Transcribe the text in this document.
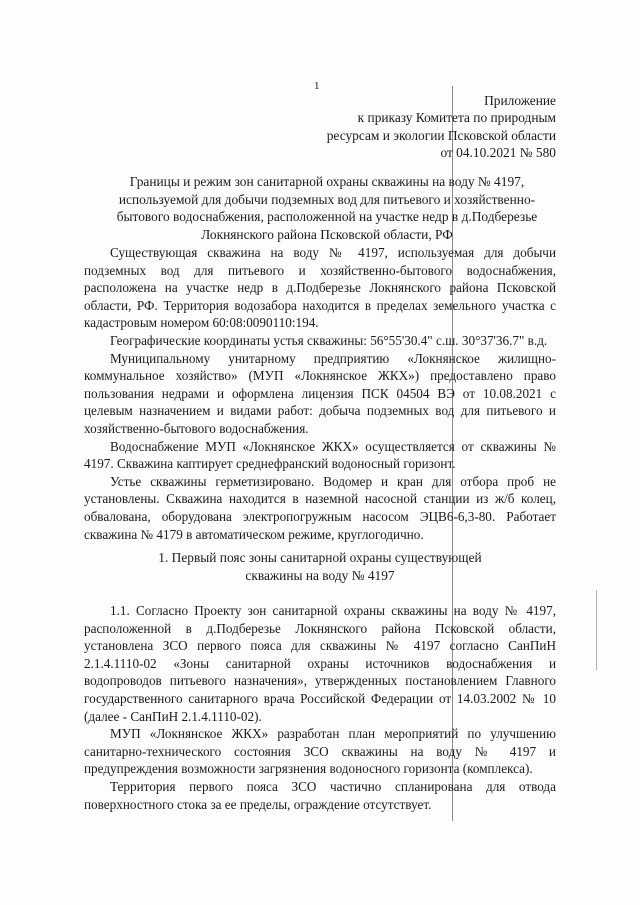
1
Приложение
к приказу Комитета по природным
ресурсам и экологии Псковской области
от 04.10.2021 № 580
Границы и режим зон санитарной охраны скважины на воду № 4197,
используемой для добычи подземных вод для питьевого и хозяйственно-
бытового водоснабжения, расположенной на участке недр в д.Подберезье
Локнянского района Псковской области, РФ

Существующая скважина на воду № 4197, используемая для добычи подземных вод для питьевого и хозяйственно-бытового водоснабжения, расположена на участке недр в д.Подберезье Локнянского района Псковской области, РФ. Территория водозабора находится в пределах земельного участка с кадастровым номером 60:08:0090110:194.

Географические координаты устья скважины: 56°55'30.4" с.ш. 30°37'36.7" в.д.

Муниципальному унитарному предприятию «Локнянское жилищно-коммунальное хозяйство» (МУП «Локнянское ЖКХ») предоставлено право пользования недрами и оформлена лицензия ПСК 04504 ВЭ от 10.08.2021 с целевым назначением и видами работ: добыча подземных вод для питьевого и хозяйственно-бытового водоснабжения.

Водоснабжение МУП «Локнянское ЖКХ» осуществляется от скважины № 4197. Скважина каптирует среднефранский водоносный горизонт.

Устье скважины герметизировано. Водомер и кран для отбора проб не установлены. Скважина находится в наземной насосной станции из ж/б колец, обвалована, оборудована электропогружным насосом ЭЦВ6-6,3-80. Работает скважина № 4179 в автоматическом режиме, круглогодично.

1. Первый пояс зоны санитарной охраны существующей
скважины на воду № 4197

1.1. Согласно Проекту зон санитарной охраны скважины на воду № 4197, расположенной в д.Подберезье Локнянского района Псковской области, установлена ЗСО первого пояса для скважины № 4197 согласно СанПиН 2.1.4.1110-02 «Зоны санитарной охраны источников водоснабжения и водопроводов питьевого назначения», утвержденных постановлением Главного государственного санитарного врача Российской Федерации от 14.03.2002 № 10 (далее - СанПиН 2.1.4.1110-02).

МУП «Локнянское ЖКХ» разработан план мероприятий по улучшению санитарно-технического состояния ЗСО скважины на воду № 4197 и предупреждения возможности загрязнения водоносного горизонта (комплекса).

Территория первого пояса ЗСО частично спланирована для отвода поверхностного стока за ее пределы, ограждение отсутствует.
